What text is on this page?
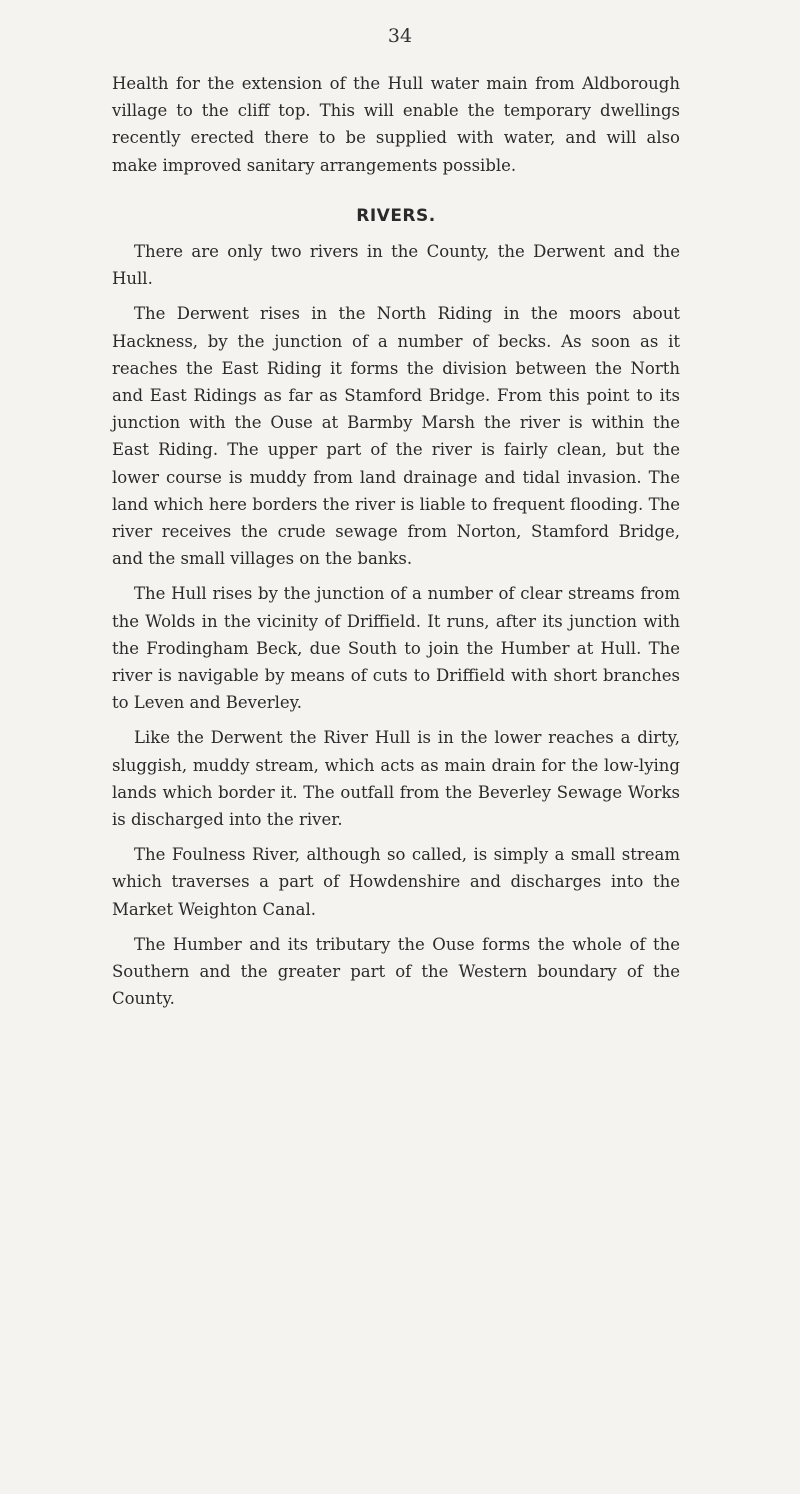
34

Health for the extension of the Hull water main from Aldborough village to the cliff top. This will enable the temporary dwellings recently erected there to be supplied with water, and will also make improved sanitary arrangements possible.

RIVERS.

There are only two rivers in the County, the Derwent and the Hull.

The Derwent rises in the North Riding in the moors about Hackness, by the junction of a number of becks. As soon as it reaches the East Riding it forms the division between the North and East Ridings as far as Stamford Bridge. From this point to its junction with the Ouse at Barmby Marsh the river is within the East Riding. The upper part of the river is fairly clean, but the lower course is muddy from land drainage and tidal invasion. The land which here borders the river is liable to frequent flooding. The river receives the crude sewage from Norton, Stamford Bridge, and the small villages on the banks.

The Hull rises by the junction of a number of clear streams from the Wolds in the vicinity of Driffield. It runs, after its junction with the Frodingham Beck, due South to join the Humber at Hull. The river is navigable by means of cuts to Driffield with short branches to Leven and Beverley.

Like the Derwent the River Hull is in the lower reaches a dirty, sluggish, muddy stream, which acts as main drain for the low-lying lands which border it. The outfall from the Beverley Sewage Works is discharged into the river.

The Foulness River, although so called, is simply a small stream which traverses a part of Howdenshire and discharges into the Market Weighton Canal.

The Humber and its tributary the Ouse forms the whole of the Southern and the greater part of the Western boundary of the County.
